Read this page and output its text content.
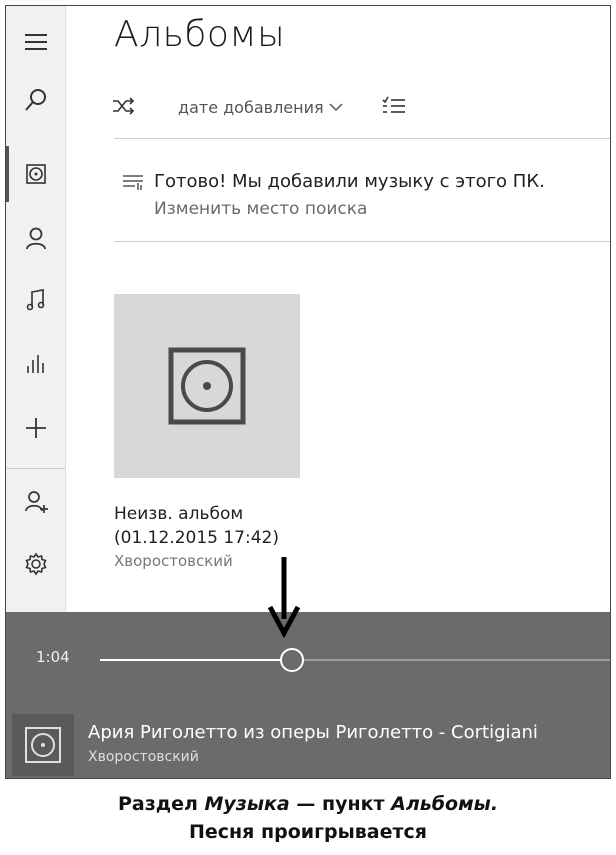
Альбомы
дате добавления
Готово! Мы добавили музыку с этого ПК.
Изменить место поиска
Неизв. альбом
(01.12.2015 17:42)
Хворостовский
1:04
Ария Риголетто из оперы Риголетто - Cortigiani
Хворостовский
Раздел Музыка — пункт Альбомы.
Песня проигрывается
